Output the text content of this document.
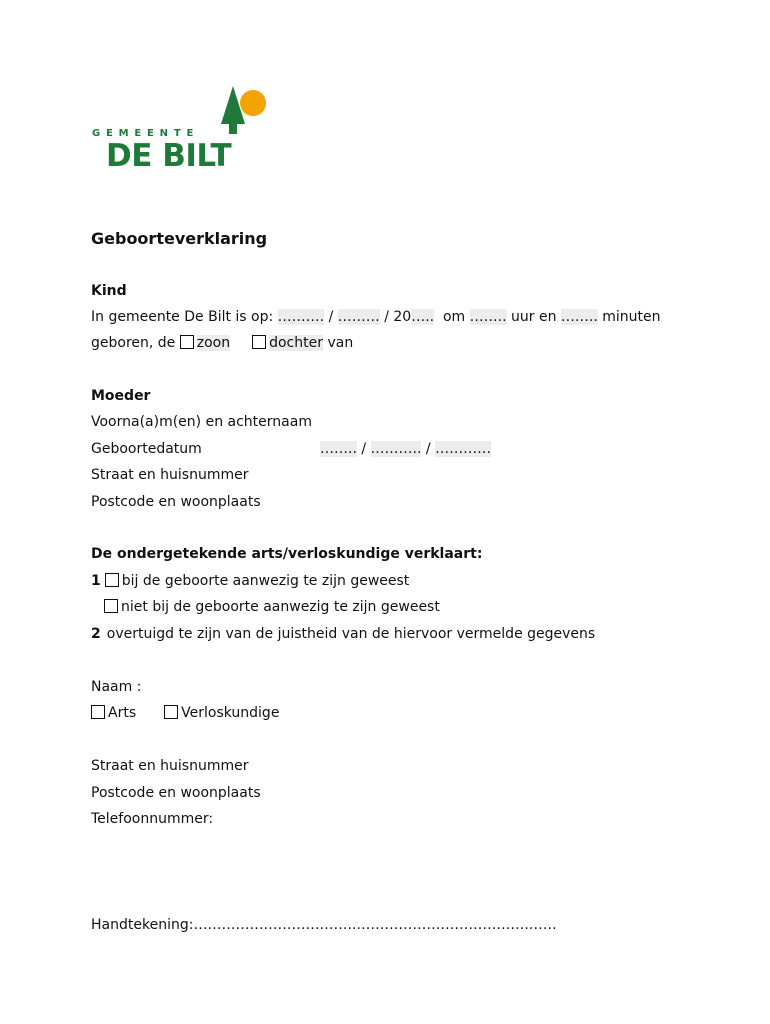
GEMEENTE
DE BILT
Geboorteverklaring
Kind
In gemeente De Bilt is op: ………. / ……… / 20…..  om …….. uur en …….. minuten
geboren, de zoon	dochter van
Moeder
Voorna(a)m(en) en achternaam
Geboortedatum	…….. / ……….. / …………
Straat en huisnummer
Postcode en woonplaats
De ondergetekende arts/verloskundige verklaart:
1 bij de geboorte aanwezig te zijn geweest
niet bij de geboorte aanwezig te zijn geweest
2 overtuigd te zijn van de juistheid van de hiervoor vermelde gegevens
Naam :
Arts	Verloskundige
Straat en huisnummer
Postcode en woonplaats
Telefoonnummer:
Handtekening:……………………………..……………………………….……
